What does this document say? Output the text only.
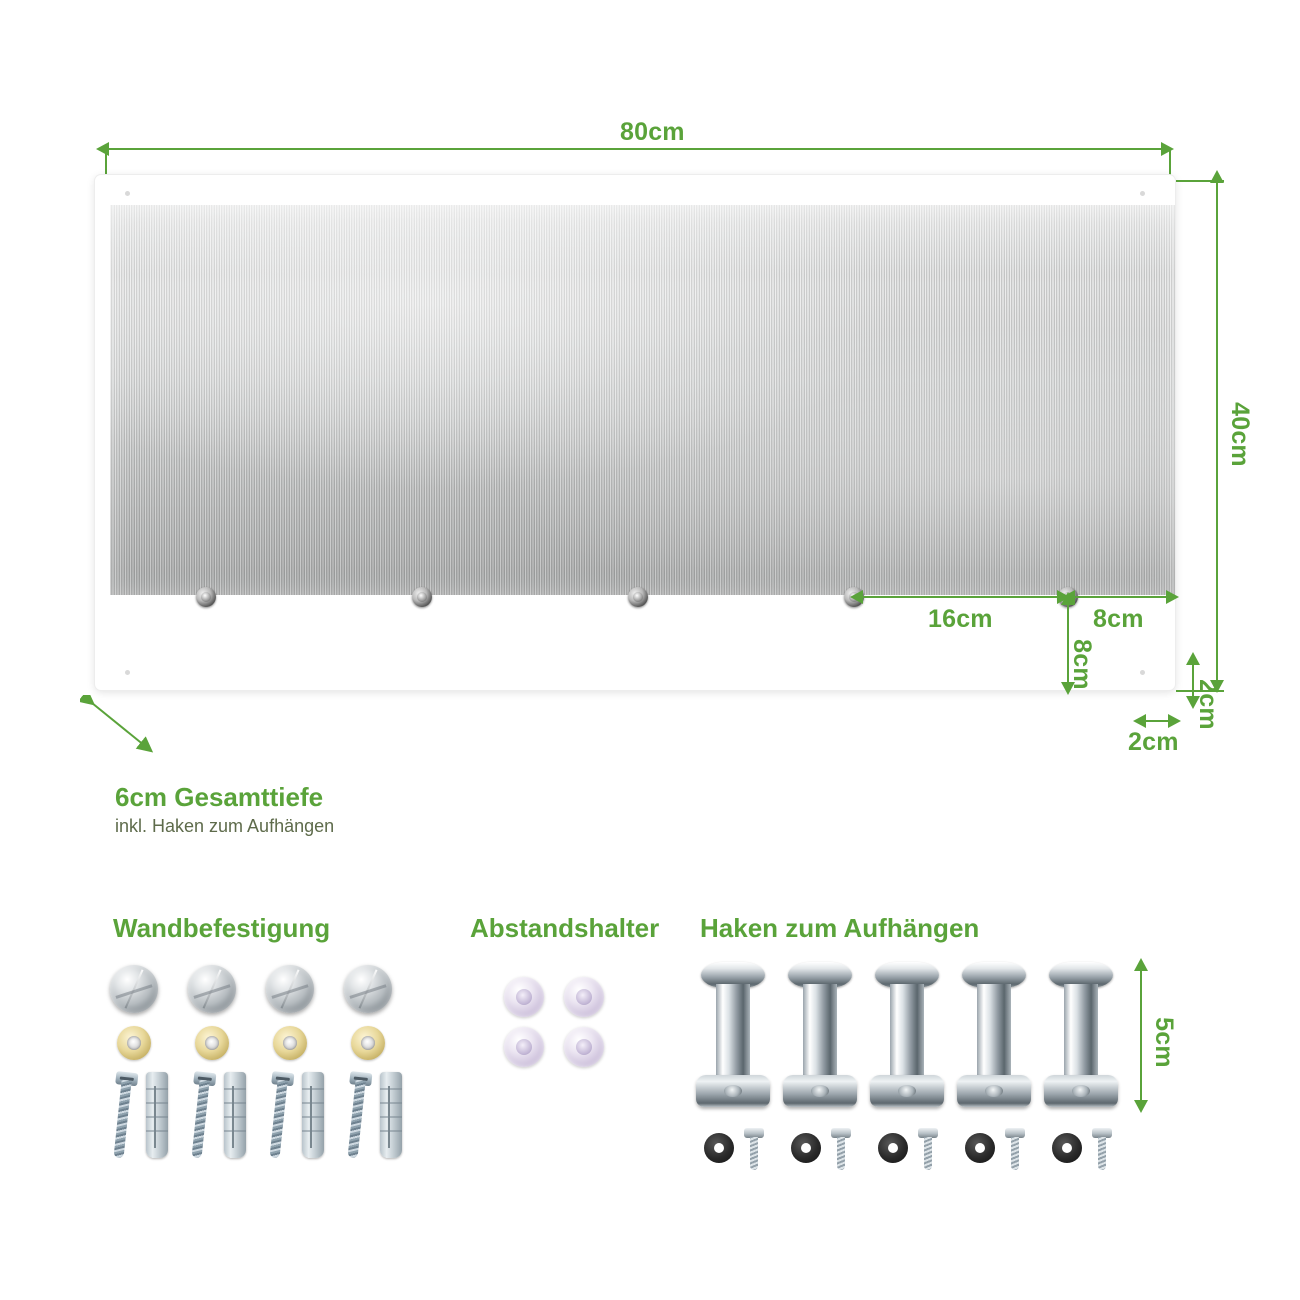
80cm
40cm
16cm	8cm
8cm
2cm
2cm
6cm Gesamttiefe
inkl. Haken zum Aufhängen
Wandbefestigung	Abstandshalter Haken zum Aufhängen
5cm
